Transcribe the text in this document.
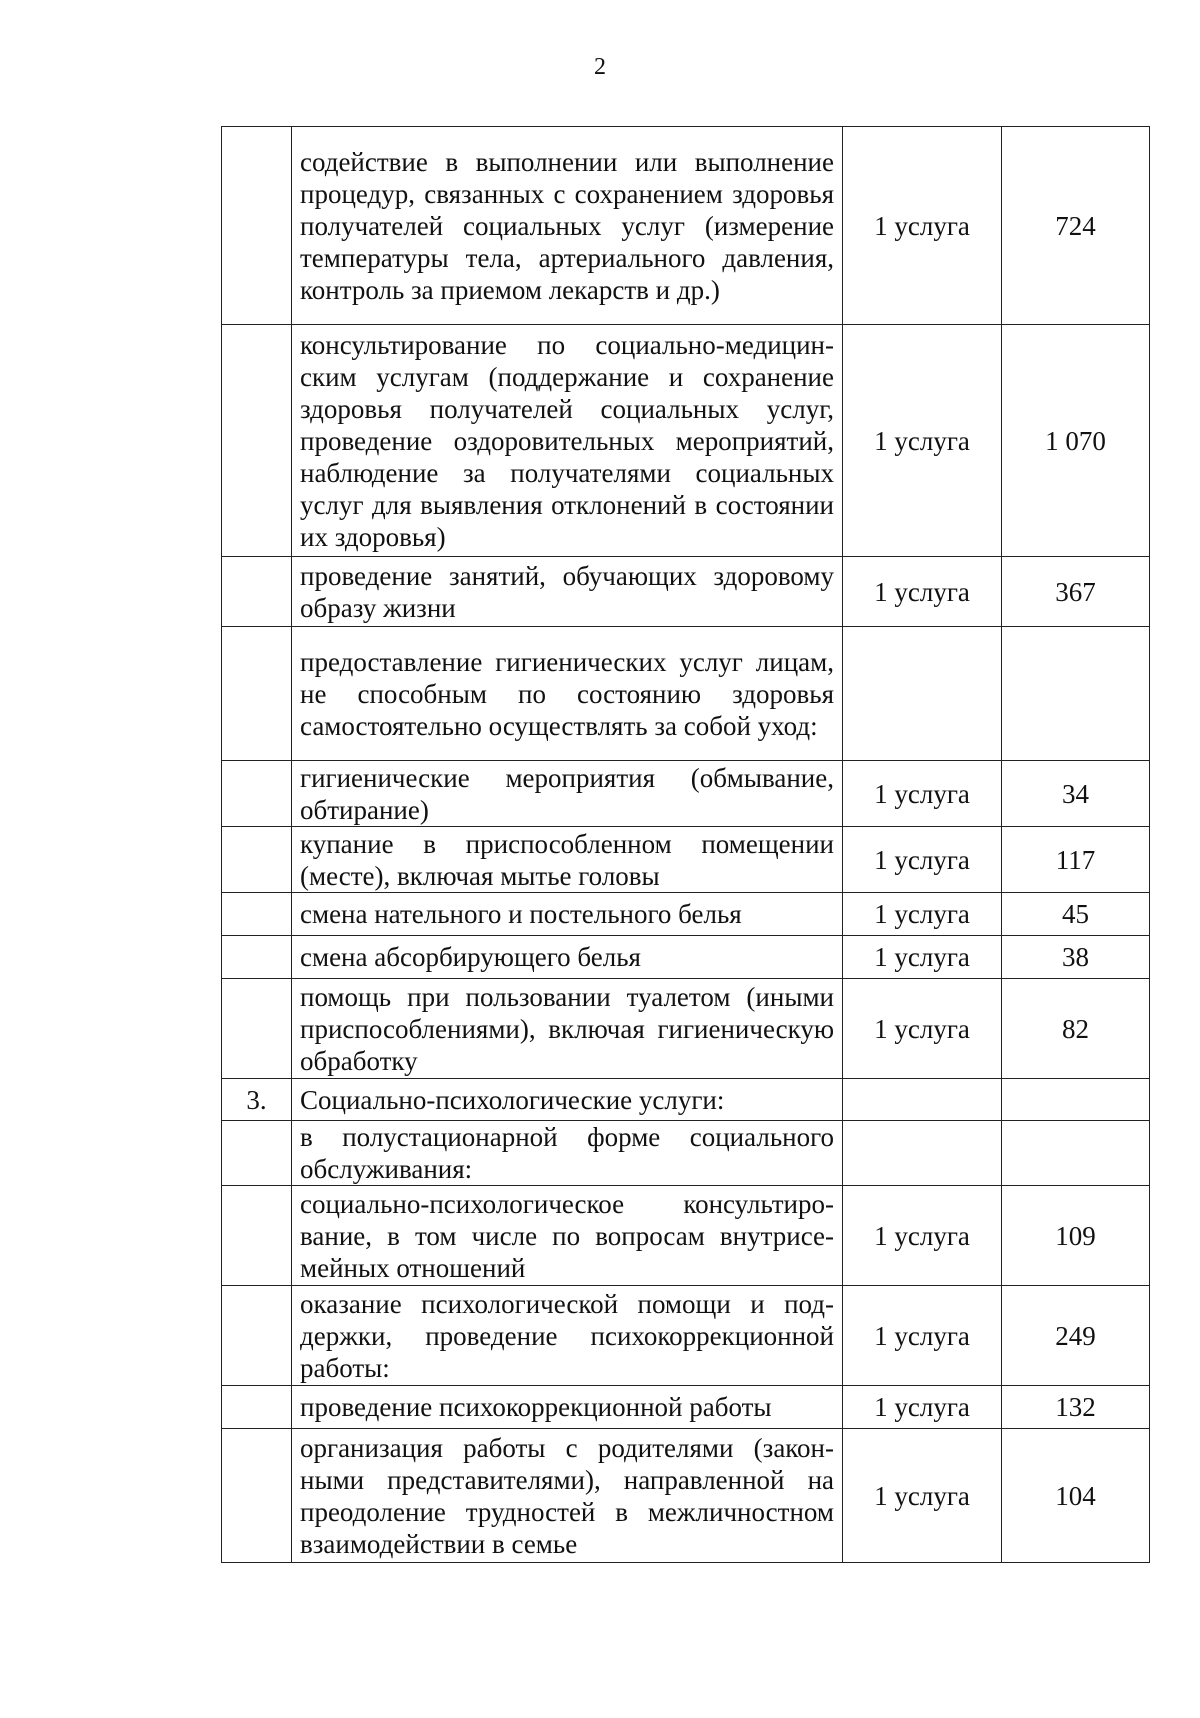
2
	содействие в выполнении или выполнение процедур, связанных с сохранением здоровья получателей социальных услуг (измерение температуры тела, артериального давления, контроль за приемом лекарств и др.)	1 услуга	724
	консультирование по социально-медицинским услугам (поддержание и сохранение здоровья получателей социальных услуг, проведение оздоровительных мероприятий, наблюдение за получателями социальных услуг для выявления отклонений в состоянии их здоровья)	1 услуга	1 070
	проведение занятий, обучающих здоровому образу жизни	1 услуга	367
	предоставление гигиенических услуг лицам, не способным по состоянию здоровья самостоятельно осуществлять за собой уход:		
	гигиенические мероприятия (обмывание, обтирание)	1 услуга	34
	купание в приспособленном помещении (месте), включая мытье головы	1 услуга	117
	смена нательного и постельного белья	1 услуга	45
	смена абсорбирующего белья	1 услуга	38
	помощь при пользовании туалетом (иными приспособлениями), включая гигиеническую обработку	1 услуга	82
3.	Социально-психологические услуги:		
	в полустационарной форме социального обслуживания:		
	социально-психологическое консультирование, в том числе по вопросам внутрисемейных отношений	1 услуга	109
	оказание психологической помощи и поддержки, проведение психокоррекционной работы:	1 услуга	249
	проведение психокоррекционной работы	1 услуга	132
	организация работы с родителями (законными представителями), направленной на преодоление трудностей в межличностном взаимодействии в семье	1 услуга	104
